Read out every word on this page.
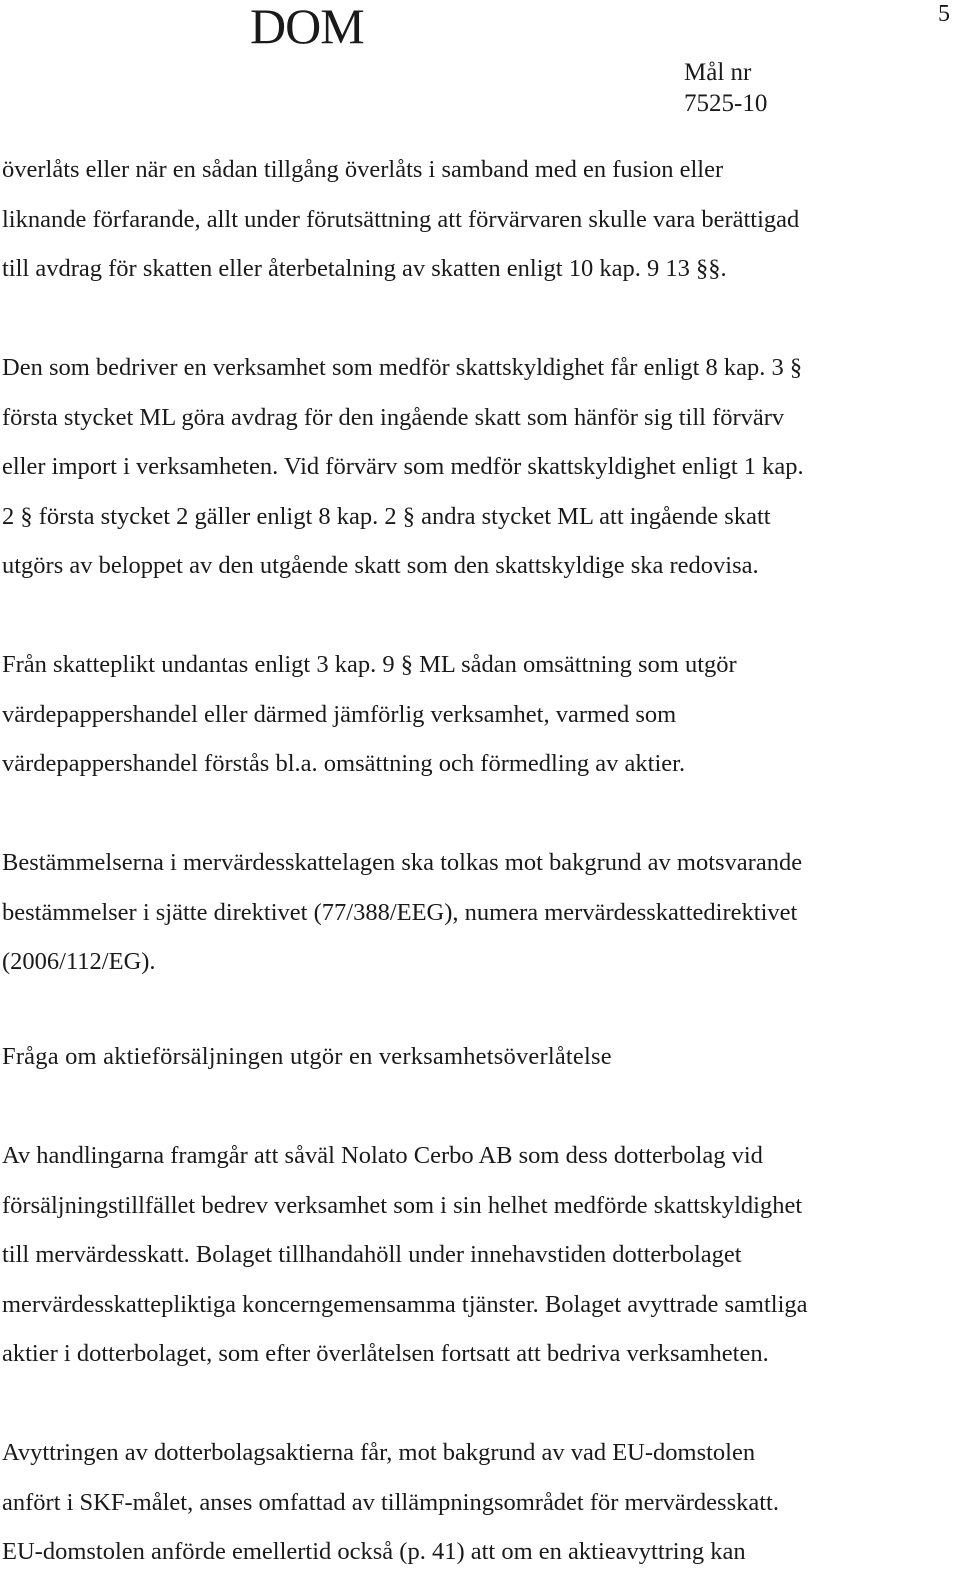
DOM	5
Mål nr
7525-10
överlåts eller när en sådan tillgång överlåts i samband med en fusion eller
liknande förfarande, allt under förutsättning att förvärvaren skulle vara berättigad
till avdrag för skatten eller återbetalning av skatten enligt 10 kap. 9 13 §§.
Den som bedriver en verksamhet som medför skattskyldighet får enligt 8 kap. 3 §
första stycket ML göra avdrag för den ingående skatt som hänför sig till förvärv
eller import i verksamheten. Vid förvärv som medför skattskyldighet enligt 1 kap.
2 § första stycket 2 gäller enligt 8 kap. 2 § andra stycket ML att ingående skatt
utgörs av beloppet av den utgående skatt som den skattskyldige ska redovisa.
Från skatteplikt undantas enligt 3 kap. 9 § ML sådan omsättning som utgör
värdepappershandel eller därmed jämförlig verksamhet, varmed som
värdepappershandel förstås bl.a. omsättning och förmedling av aktier.
Bestämmelserna i mervärdesskattelagen ska tolkas mot bakgrund av motsvarande
bestämmelser i sjätte direktivet (77/388/EEG), numera mervärdesskattedirektivet
(2006/112/EG).
Fråga om aktieförsäljningen utgör en verksamhetsöverlåtelse
Av handlingarna framgår att såväl Nolato Cerbo AB som dess dotterbolag vid
försäljningstillfället bedrev verksamhet som i sin helhet medförde skattskyldighet
till mervärdesskatt. Bolaget tillhandahöll under innehavstiden dotterbolaget
mervärdesskattepliktiga koncerngemensamma tjänster. Bolaget avyttrade samtliga
aktier i dotterbolaget, som efter överlåtelsen fortsatt att bedriva verksamheten.
Avyttringen av dotterbolagsaktierna får, mot bakgrund av vad EU-domstolen
anfört i SKF-målet, anses omfattad av tillämpningsområdet för mervärdesskatt.
EU-domstolen anförde emellertid också (p. 41) att om en aktieavyttring kan
